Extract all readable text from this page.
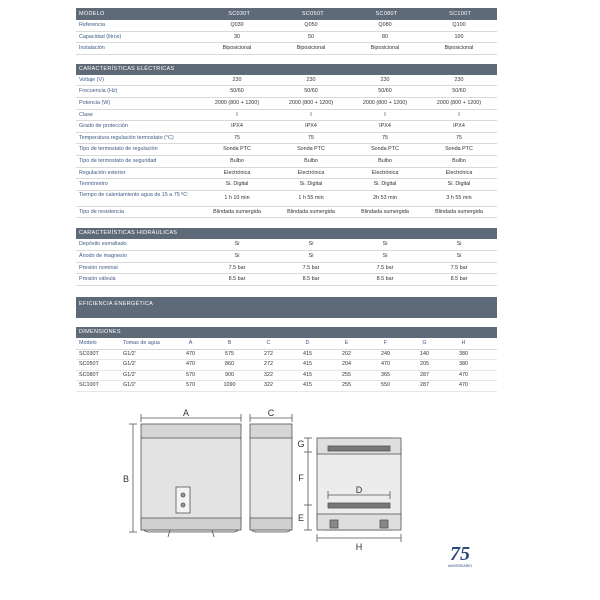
MODELO	SC030T	SC050T	SC080T	SC100T
Referencia	Q030	Q050	Q080	Q100
Capacidad (litros)	30	50	80	100
Instalación	Biposicional	Biposicional	Biposicional	Biposicional
CARACTERÍSTICAS ELÉCTRICAS
Voltaje (V)	230	230	230	230
Frecuencia (Hz)	50/60	50/60	50/60	50/60
Potencia (W)	2000 (800 + 1200)	2000 (800 + 1200)	2000 (800 + 1200)	2000 (800 + 1200)
Clase	I	I	I	I
Grado de protección	IPX4	IPX4	IPX4	IPX4
Temperatura regulación termostato (°C)	75	75	75	75
Tipo de termostato de regulación	Sonda PTC	Sonda PTC	Sonda PTC	Sonda PTC
Tipo de termostato de seguridad	Bulbo	Bulbo	Bulbo	Bulbo
Regulación exterior	Electrónica	Electrónica	Electrónica	Electrónica
Termómetro	Si. Digital	Si. Digital	Si. Digital	Si. Digital
Tiempo de calentamiento agua de 15 a 75 ºC:	1 h 10 min	1 h 55 min	2h 53 min	3 h 55 min
Tipo de resistencia	Blindada sumergida	Blindada sumergida	Blindada sumergida	Blindada sumergida
CARACTERÍSTICAS HIDRÁULICAS
Depósito esmaltado	Si	Si	Si	Si
Ánodo de magnesio	Si	Si	Si	Si
Presión nominal	7.5 bar	7.5 bar	7.5 bar	7.5 bar
Presión válvula	8.5 bar	8.5 bar	8.5 bar	8.5 bar
EFICIENCIA ENERGÉTICA
DIMENSIONES
Modelo	Tomas de agua	A	B	C	D	E	F	G	H
SC030T	G1/2'	470	575	272	415	202	249	140	380
SC050T	G1/2'	470	860	272	415	204	470	205	380
SC080T	G1/2'	570	900	322	415	255	365	287	470
SC100T	G1/2'	570	1090	322	415	255	550	287	470
A
B
C
D
E
F
G
H	75
ANIVERSARIO
